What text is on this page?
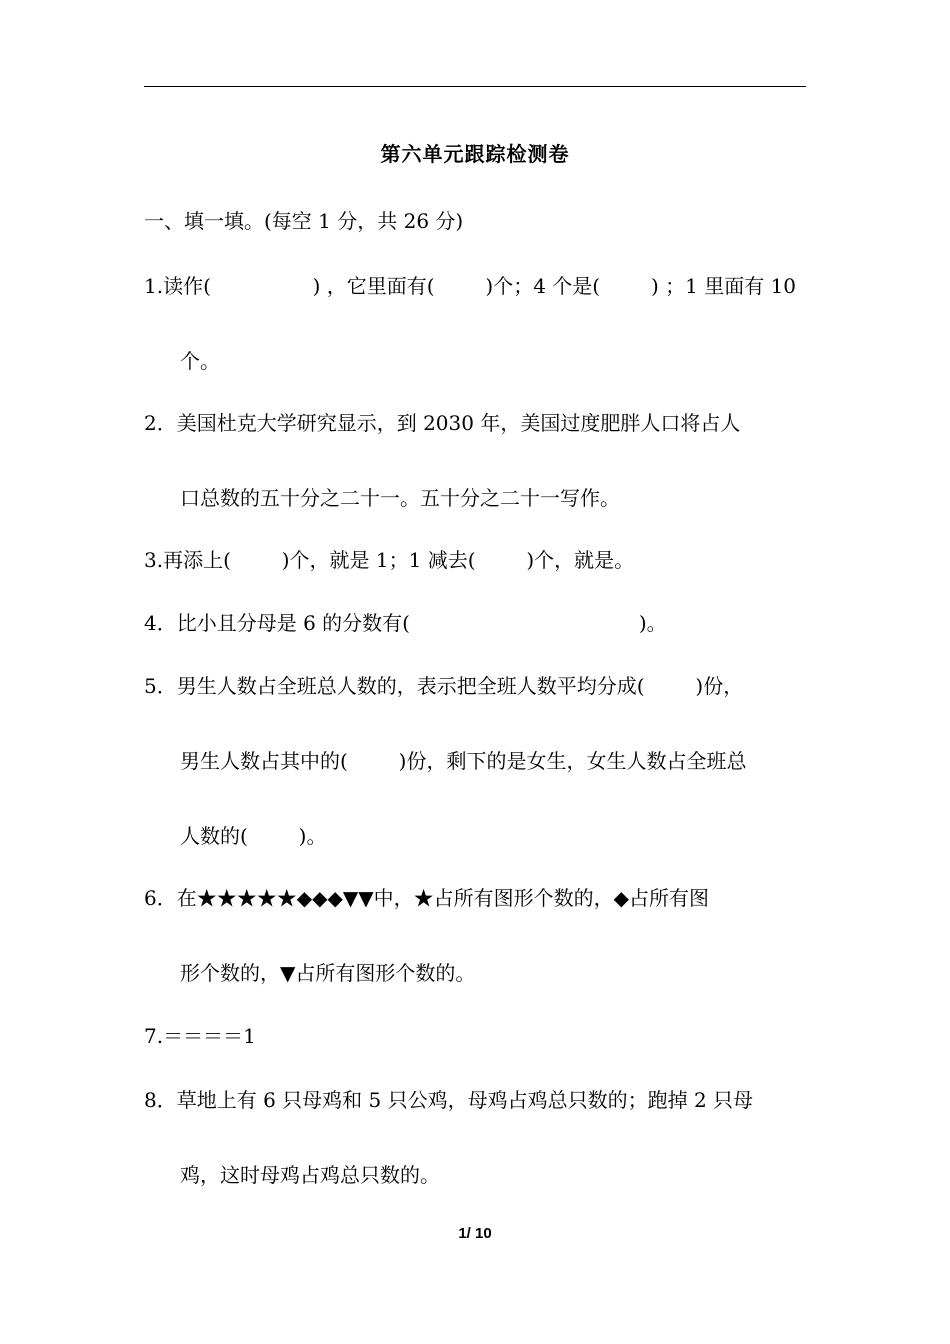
第六单元跟踪检测卷
一、填一填。(每空 1 分，共 26 分)
1.读作(                ) ，它里面有(        )个；4 个是(        ) ；1 里面有 10
个。
2．美国杜克大学研究显示，到 2030 年，美国过度肥胖人口将占人
口总数的五十分之二十一。五十分之二十一写作。
3.再添上(        )个，就是 1；1 减去(        )个，就是。
4．比小且分母是 6 的分数有(                                    )。
5．男生人数占全班总人数的，表示把全班人数平均分成(        )份，
男生人数占其中的(        )份，剩下的是女生，女生人数占全班总
人数的(        )。
6．在★★★★★◆◆◆▼▼中，★占所有图形个数的，◆占所有图
形个数的，▼占所有图形个数的。
7.＝＝＝＝1
8．草地上有 6 只母鸡和 5 只公鸡，母鸡占鸡总只数的；跑掉 2 只母
鸡，这时母鸡占鸡总只数的。
1/ 10
